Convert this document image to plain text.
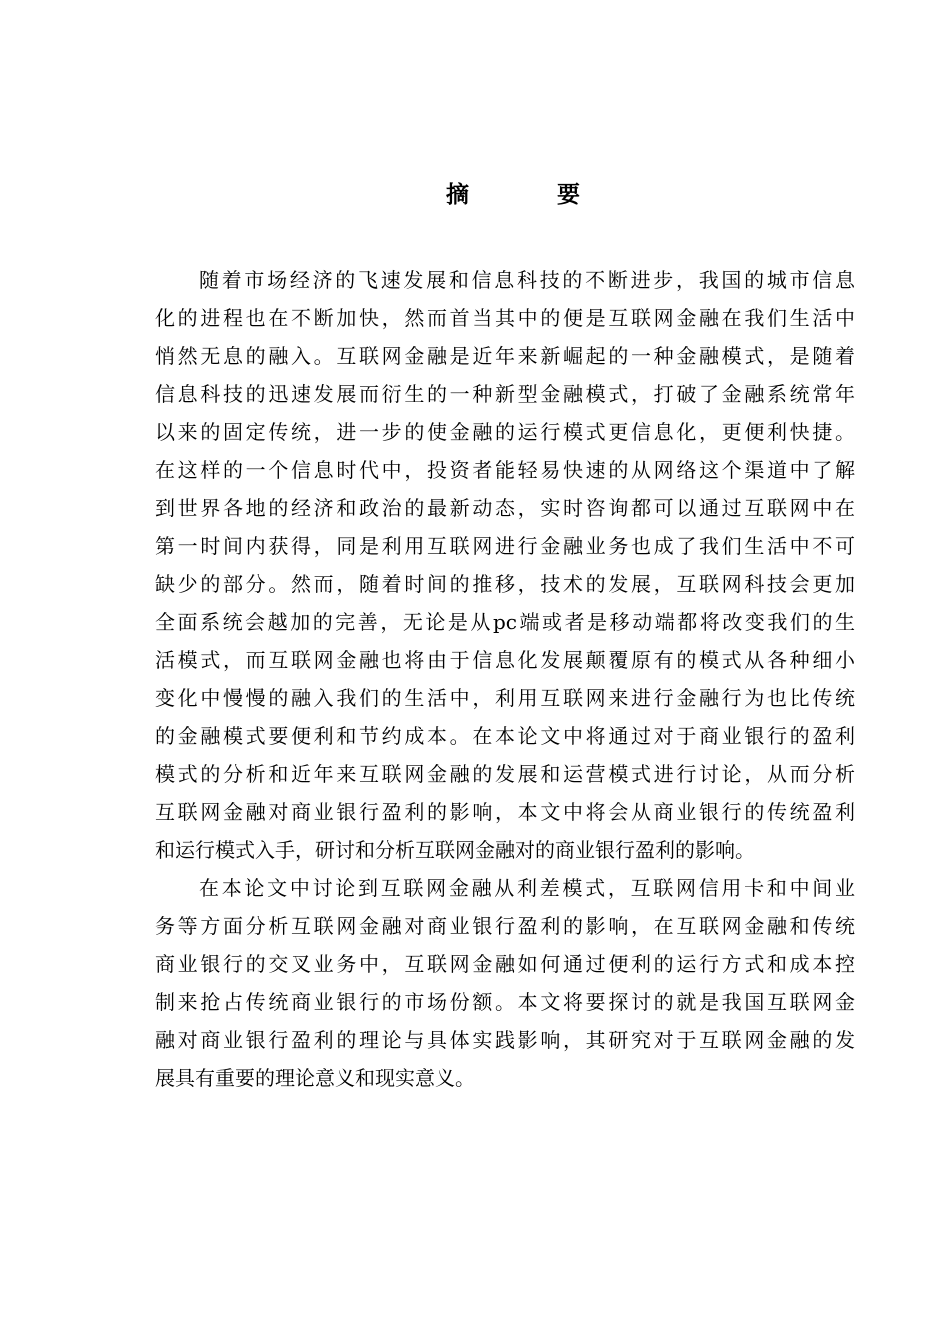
摘 要
随着市场经济的飞速发展和信息科技的不断进步，我国的城市信息
化的进程也在不断加快，然而首当其中的便是互联网金融在我们生活中
悄然无息的融入。互联网金融是近年来新崛起的一种金融模式，是随着
信息科技的迅速发展而衍生的一种新型金融模式，打破了金融系统常年
以来的固定传统，进一步的使金融的运行模式更信息化，更便利快捷。
在这样的一个信息时代中，投资者能轻易快速的从网络这个渠道中了解
到世界各地的经济和政治的最新动态，实时咨询都可以通过互联网中在
第一时间内获得，同是利用互联网进行金融业务也成了我们生活中不可
缺少的部分。然而，随着时间的推移，技术的发展，互联网科技会更加
全面系统会越加的完善，无论是从pc端或者是移动端都将改变我们的生
活模式，而互联网金融也将由于信息化发展颠覆原有的模式从各种细小
变化中慢慢的融入我们的生活中，利用互联网来进行金融行为也比传统
的金融模式要便利和节约成本。在本论文中将通过对于商业银行的盈利
模式的分析和近年来互联网金融的发展和运营模式进行讨论，从而分析
互联网金融对商业银行盈利的影响，本文中将会从商业银行的传统盈利
和运行模式入手，研讨和分析互联网金融对的商业银行盈利的影响。
在本论文中讨论到互联网金融从利差模式，互联网信用卡和中间业
务等方面分析互联网金融对商业银行盈利的影响，在互联网金融和传统
商业银行的交叉业务中，互联网金融如何通过便利的运行方式和成本控
制来抢占传统商业银行的市场份额。本文将要探讨的就是我国互联网金
融对商业银行盈利的理论与具体实践影响，其研究对于互联网金融的发
展具有重要的理论意义和现实意义。
